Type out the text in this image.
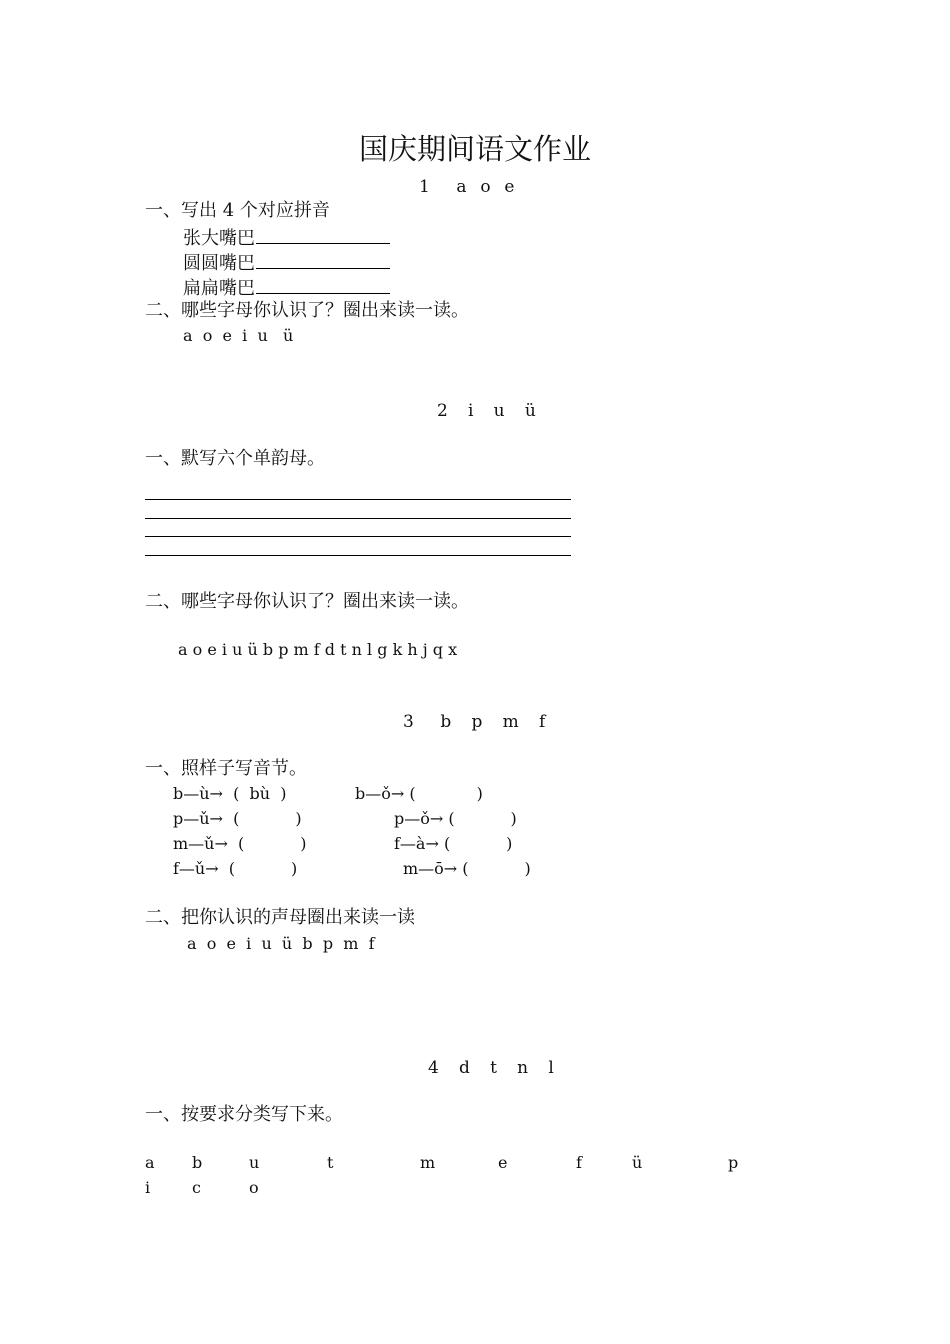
国庆期间语文作业
1    a  o  e
一、写出 4 个对应拼音
张大嘴巴
圆圆嘴巴
扁扁嘴巴
二、哪些字母你认识了？圈出来读一读。
a  o  e  i  u   ü
2   i   u   ü
一、默写六个单韵母。
二、哪些字母你认识了？圈出来读一读。
a o e i u ü b p m f d t n l g k h j q x
3    b   p   m   f
一、照样子写音节。
b—ù→  (  bù  )	b—ǒ→ (            )
p—ǔ→  (           )	p—ǒ→ (           )
m—ǔ→  (           )	f—à→ (           )
f—ǔ→  (           )	m—ō→ (           )
二、把你认识的声母圈出来读一读
a  o  e  i  u  ü  b  p  m  f
4   d   t   n   l
一、按要求分类写下来。
a b	u	t	m	e	f	ü	p
i	c	o
